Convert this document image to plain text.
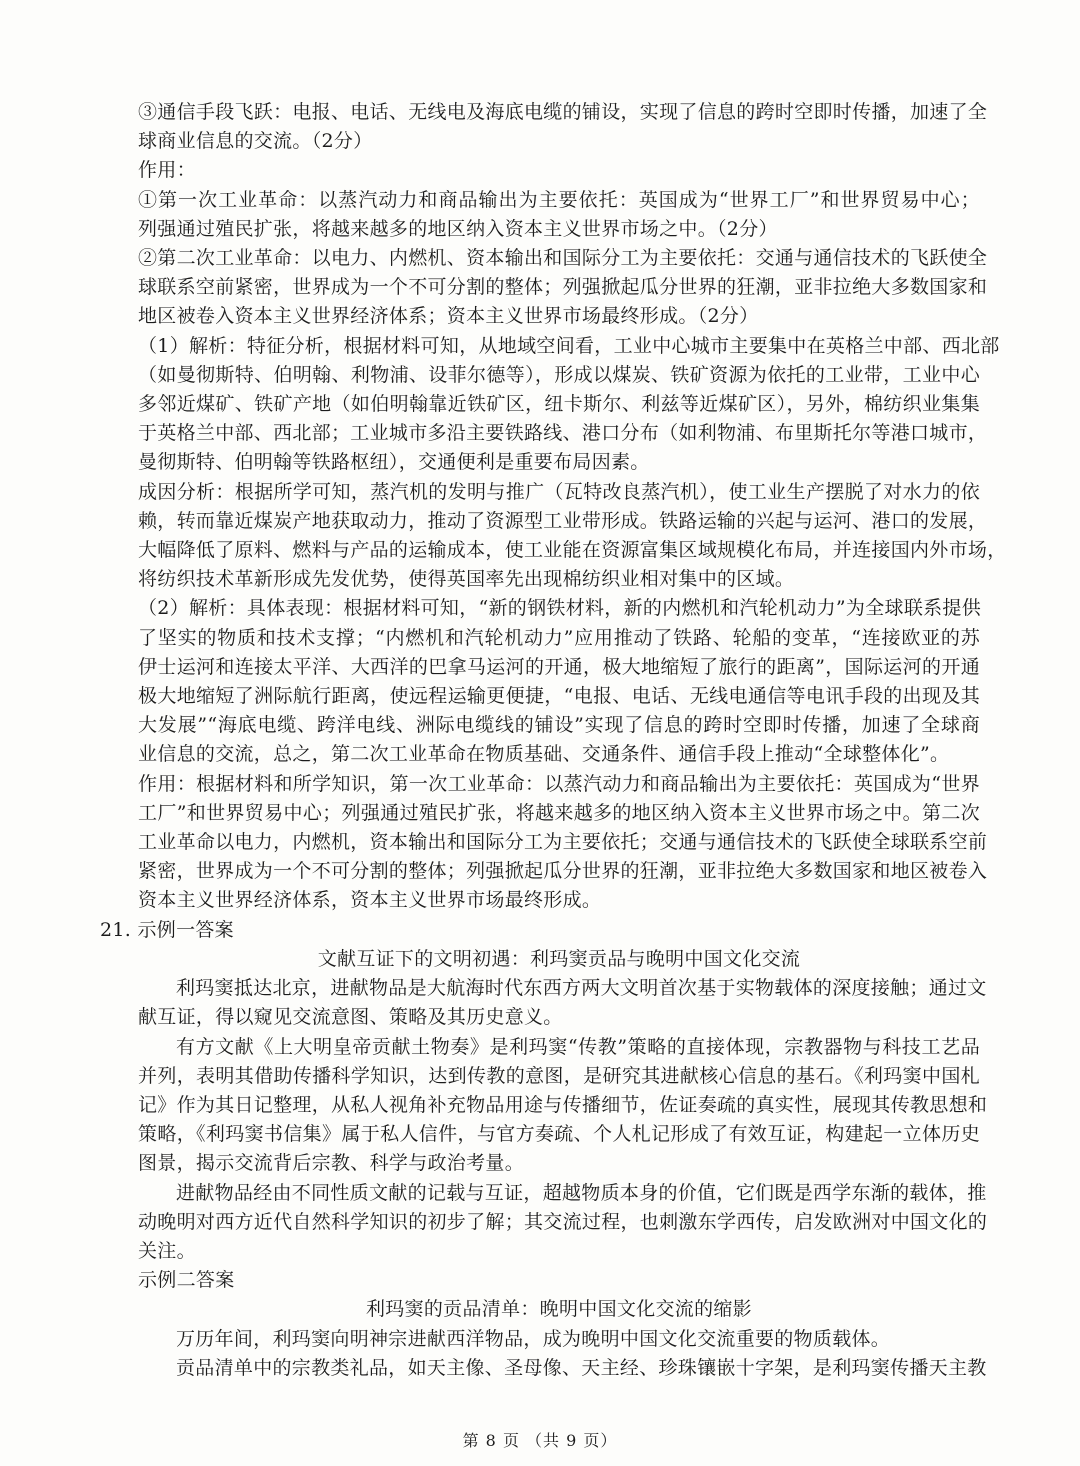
③通信手段飞跃：电报、电话、无线电及海底电缆的铺设，实现了信息的跨时空即时传播，加速了全
球商业信息的交流。（2分）
作用：
①第一次工业革命：以蒸汽动力和商品输出为主要依托：英国成为“世界工厂”和世界贸易中心；
列强通过殖民扩张，将越来越多的地区纳入资本主义世界市场之中。（2分）
②第二次工业革命：以电力、内燃机、资本输出和国际分工为主要依托：交通与通信技术的飞跃使全
球联系空前紧密，世界成为一个不可分割的整体；列强掀起瓜分世界的狂潮，亚非拉绝大多数国家和
地区被卷入资本主义世界经济体系；资本主义世界市场最终形成。（2分）
（1）解析：特征分析，根据材料可知，从地域空间看，工业中心城市主要集中在英格兰中部、西北部
（如曼彻斯特、伯明翰、利物浦、设菲尔德等），形成以煤炭、铁矿资源为依托的工业带，工业中心
多邻近煤矿、铁矿产地（如伯明翰靠近铁矿区，纽卡斯尔、利兹等近煤矿区），另外，棉纺织业集集
于英格兰中部、西北部；工业城市多沿主要铁路线、港口分布（如利物浦、布里斯托尔等港口城市，
曼彻斯特、伯明翰等铁路枢纽），交通便利是重要布局因素。
成因分析：根据所学可知，蒸汽机的发明与推广（瓦特改良蒸汽机），使工业生产摆脱了对水力的依
赖，转而靠近煤炭产地获取动力，推动了资源型工业带形成。铁路运输的兴起与运河、港口的发展，
大幅降低了原料、燃料与产品的运输成本，使工业能在资源富集区域规模化布局，并连接国内外市场，
将纺织技术革新形成先发优势，使得英国率先出现棉纺织业相对集中的区域。
（2）解析：具体表现：根据材料可知，“新的钢铁材料，新的内燃机和汽轮机动力”为全球联系提供
了坚实的物质和技术支撑；“内燃机和汽轮机动力”应用推动了铁路、轮船的变革，“连接欧亚的苏
伊士运河和连接太平洋、大西洋的巴拿马运河的开通，极大地缩短了旅行的距离”，国际运河的开通
极大地缩短了洲际航行距离，使远程运输更便捷，“电报、电话、无线电通信等电讯手段的出现及其
大发展”“海底电缆、跨洋电线、洲际电缆线的铺设”实现了信息的跨时空即时传播，加速了全球商
业信息的交流，总之，第二次工业革命在物质基础、交通条件、通信手段上推动“全球整体化”。
作用：根据材料和所学知识，第一次工业革命：以蒸汽动力和商品输出为主要依托：英国成为“世界
工厂”和世界贸易中心；列强通过殖民扩张，将越来越多的地区纳入资本主义世界市场之中。第二次
工业革命以电力，内燃机，资本输出和国际分工为主要依托；交通与通信技术的飞跃使全球联系空前
紧密，世界成为一个不可分割的整体；列强掀起瓜分世界的狂潮，亚非拉绝大多数国家和地区被卷入
资本主义世界经济体系，资本主义世界市场最终形成。
21. 示例一答案
文献互证下的文明初遇：利玛窦贡品与晚明中国文化交流
利玛窦抵达北京，进献物品是大航海时代东西方两大文明首次基于实物载体的深度接触；通过文
献互证，得以窥见交流意图、策略及其历史意义。
有方文献《上大明皇帝贡献土物奏》是利玛窦“传教”策略的直接体现，宗教器物与科技工艺品
并列，表明其借助传播科学知识，达到传教的意图，是研究其进献核心信息的基石。《利玛窦中国札
记》作为其日记整理，从私人视角补充物品用途与传播细节，佐证奏疏的真实性，展现其传教思想和
策略，《利玛窦书信集》属于私人信件，与官方奏疏、个人札记形成了有效互证，构建起一立体历史
图景，揭示交流背后宗教、科学与政治考量。
进献物品经由不同性质文献的记载与互证，超越物质本身的价值，它们既是西学东渐的载体，推
动晚明对西方近代自然科学知识的初步了解；其交流过程，也刺激东学西传，启发欧洲对中国文化的
关注。
示例二答案
利玛窦的贡品清单：晚明中国文化交流的缩影
万历年间，利玛窦向明神宗进献西洋物品，成为晚明中国文化交流重要的物质载体。
贡品清单中的宗教类礼品，如天主像、圣母像、天主经、珍珠镶嵌十字架，是利玛窦传播天主教
第 8 页 （共 9 页）
